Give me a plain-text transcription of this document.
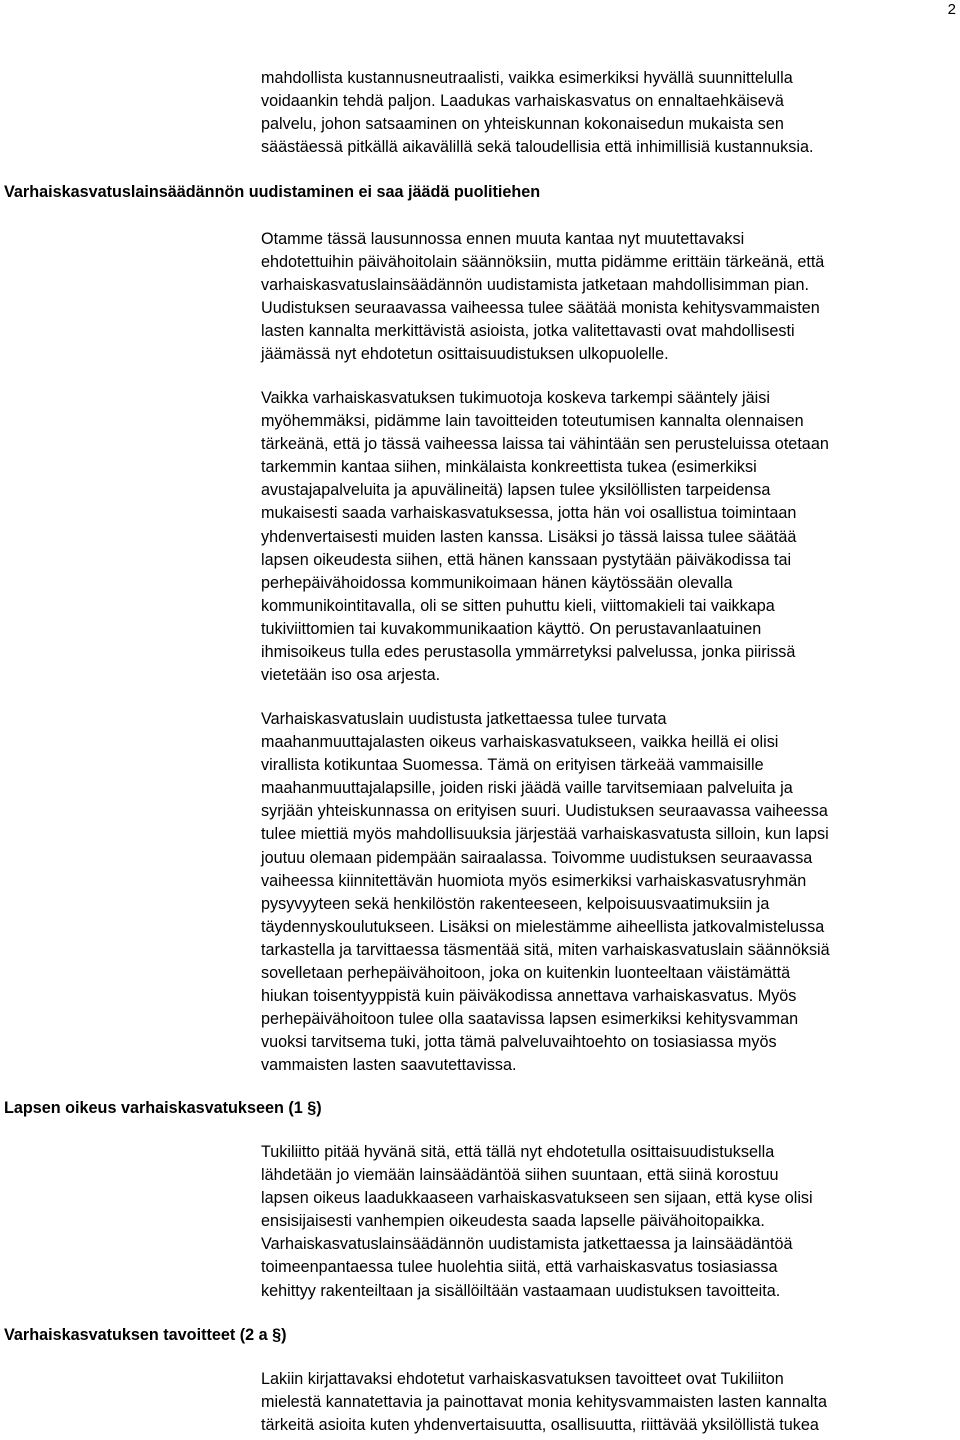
2
mahdollista kustannusneutraalisti, vaikka esimerkiksi hyvällä suunnittelulla
voidaankin tehdä paljon. Laadukas varhaiskasvatus on ennaltaehkäisevä
palvelu, johon satsaaminen on yhteiskunnan kokonaisedun mukaista sen
säästäessä pitkällä aikavälillä sekä taloudellisia että inhimillisiä kustannuksia.
Varhaiskasvatuslainsäädännön uudistaminen ei saa jäädä puolitiehen
Otamme tässä lausunnossa ennen muuta kantaa nyt muutettavaksi
ehdotettuihin päivähoitolain säännöksiin, mutta pidämme erittäin tärkeänä, että
varhaiskasvatuslainsäädännön uudistamista jatketaan mahdollisimman pian.
Uudistuksen seuraavassa vaiheessa tulee säätää monista kehitysvammaisten
lasten kannalta merkittävistä asioista, jotka valitettavasti ovat mahdollisesti
jäämässä nyt ehdotetun osittaisuudistuksen ulkopuolelle.
Vaikka varhaiskasvatuksen tukimuotoja koskeva tarkempi sääntely jäisi
myöhemmäksi, pidämme lain tavoitteiden toteutumisen kannalta olennaisen
tärkeänä, että jo tässä vaiheessa laissa tai vähintään sen perusteluissa otetaan
tarkemmin kantaa siihen, minkälaista konkreettista tukea (esimerkiksi
avustajapalveluita ja apuvälineitä) lapsen tulee yksilöllisten tarpeidensa
mukaisesti saada varhaiskasvatuksessa, jotta hän voi osallistua toimintaan
yhdenvertaisesti muiden lasten kanssa. Lisäksi jo tässä laissa tulee säätää
lapsen oikeudesta siihen, että hänen kanssaan pystytään päiväkodissa tai
perhepäivähoidossa kommunikoimaan hänen käytössään olevalla
kommunikointitavalla, oli se sitten puhuttu kieli, viittomakieli tai vaikkapa
tukiviittomien tai kuvakommunikaation käyttö. On perustavanlaatuinen
ihmisoikeus tulla edes perustasolla ymmärretyksi palvelussa, jonka piirissä
vietetään iso osa arjesta.
Varhaiskasvatuslain uudistusta jatkettaessa tulee turvata
maahanmuuttajalasten oikeus varhaiskasvatukseen, vaikka heillä ei olisi
virallista kotikuntaa Suomessa. Tämä on erityisen tärkeää vammaisille
maahanmuuttajalapsille, joiden riski jäädä vaille tarvitsemiaan palveluita ja
syrjään yhteiskunnassa on erityisen suuri. Uudistuksen seuraavassa vaiheessa
tulee miettiä myös mahdollisuuksia järjestää varhaiskasvatusta silloin, kun lapsi
joutuu olemaan pidempään sairaalassa. Toivomme uudistuksen seuraavassa
vaiheessa kiinnitettävän huomiota myös esimerkiksi varhaiskasvatusryhmän
pysyvyyteen sekä henkilöstön rakenteeseen, kelpoisuusvaatimuksiin ja
täydennyskoulutukseen. Lisäksi on mielestämme aiheellista jatkovalmistelussa
tarkastella ja tarvittaessa täsmentää sitä, miten varhaiskasvatuslain säännöksiä
sovelletaan perhepäivähoitoon, joka on kuitenkin luonteeltaan väistämättä
hiukan toisentyyppistä kuin päiväkodissa annettava varhaiskasvatus. Myös
perhepäivähoitoon tulee olla saatavissa lapsen esimerkiksi kehitysvamman
vuoksi tarvitsema tuki, jotta tämä palveluvaihtoehto on tosiasiassa myös
vammaisten lasten saavutettavissa.
Lapsen oikeus varhaiskasvatukseen (1 §)
Tukiliitto pitää hyvänä sitä, että tällä nyt ehdotetulla osittaisuudistuksella
lähdetään jo viemään lainsäädäntöä siihen suuntaan, että siinä korostuu
lapsen oikeus laadukkaaseen varhaiskasvatukseen sen sijaan, että kyse olisi
ensisijaisesti vanhempien oikeudesta saada lapselle päivähoitopaikka.
Varhaiskasvatuslainsäädännön uudistamista jatkettaessa ja lainsäädäntöä
toimeenpantaessa tulee huolehtia siitä, että varhaiskasvatus tosiasiassa
kehittyy rakenteiltaan ja sisällöiltään vastaamaan uudistuksen tavoitteita.
Varhaiskasvatuksen tavoitteet (2 a §)
Lakiin kirjattavaksi ehdotetut varhaiskasvatuksen tavoitteet ovat Tukiliiton
mielestä kannatettavia ja painottavat monia kehitysvammaisten lasten kannalta
tärkeitä asioita kuten yhdenvertaisuutta, osallisuutta, riittävää yksilöllistä tukea
